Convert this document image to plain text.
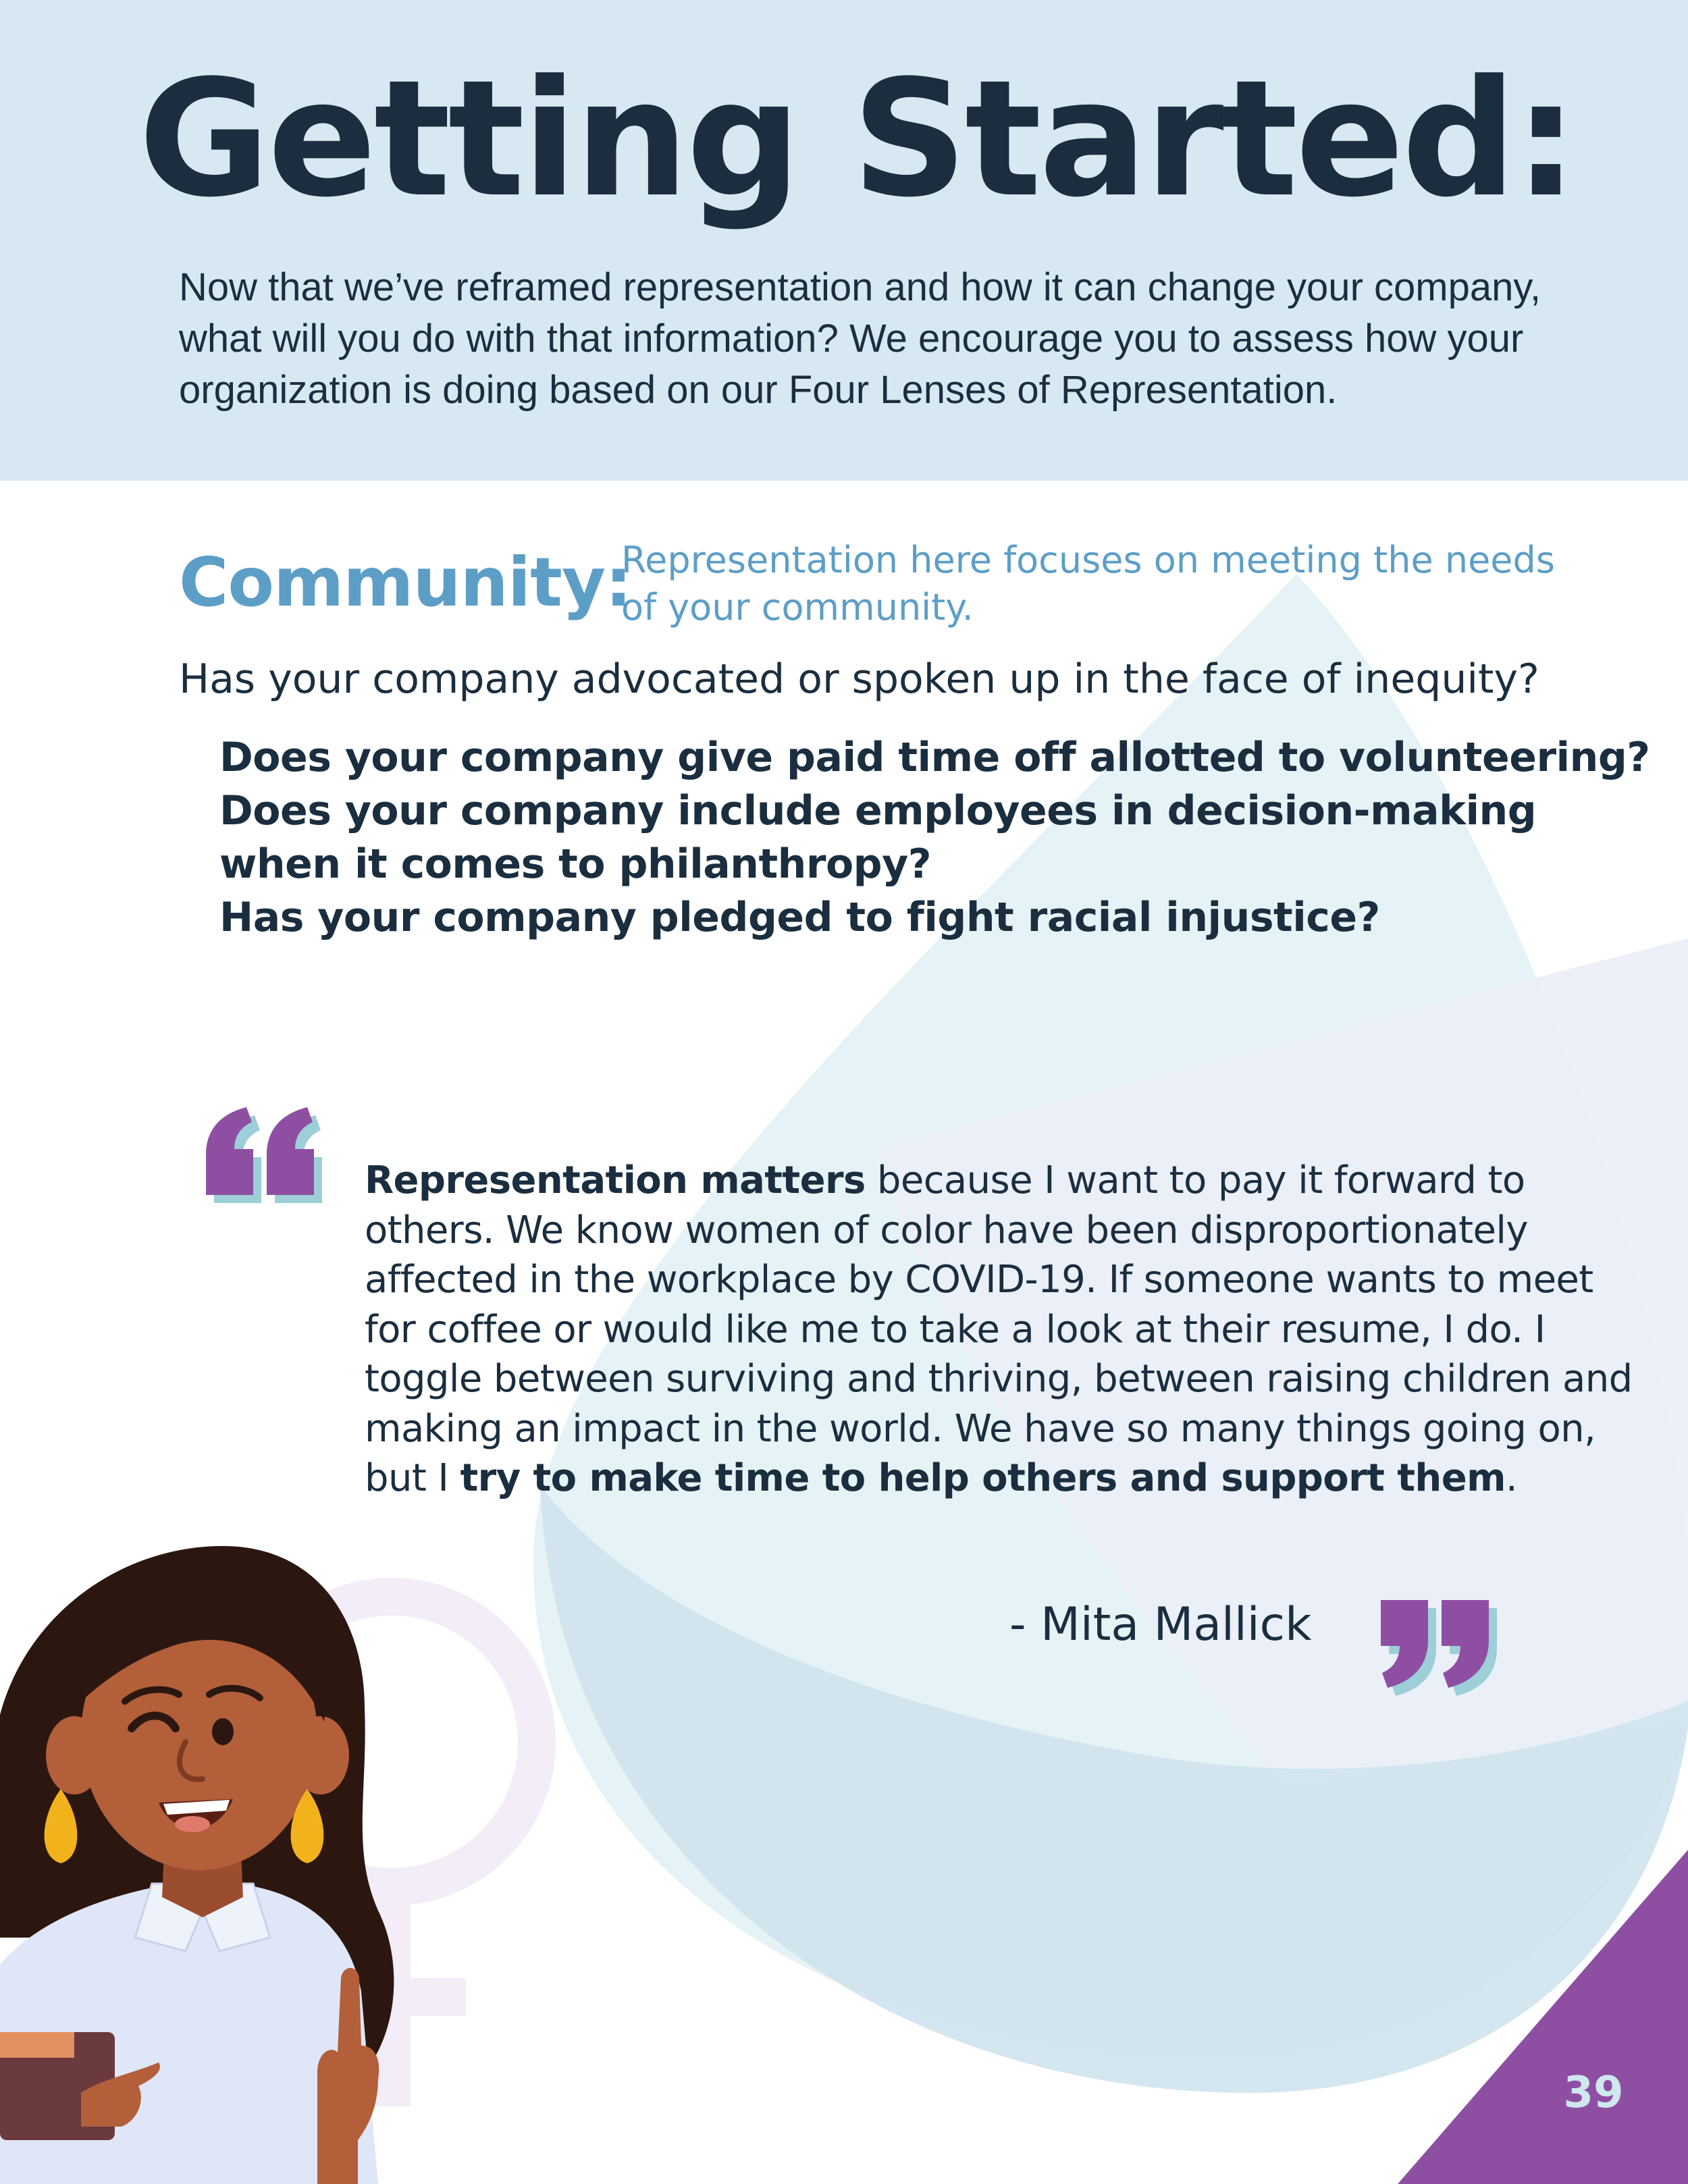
Getting Started:

Now that we’ve reframed representation and how it can change your company, what will you do with that information? We encourage you to assess how your organization is doing based on our Four Lenses of Representation.

Community:
Representation here focuses on meeting the needs of your community.

Has your company advocated or spoken up in the face of inequity?

Does your company give paid time off allotted to volunteering?
Does your company include employees in decision-making when it comes to philanthropy?
Has your company pledged to fight racial injustice?

Representation matters because I want to pay it forward to others. We know women of color have been disproportionately affected in the workplace by COVID-19. If someone wants to meet for coffee or would like me to take a look at their resume, I do. I toggle between surviving and thriving, between raising children and making an impact in the world. We have so many things going on, but I try to make time to help others and support them.

- Mita Mallick

39
